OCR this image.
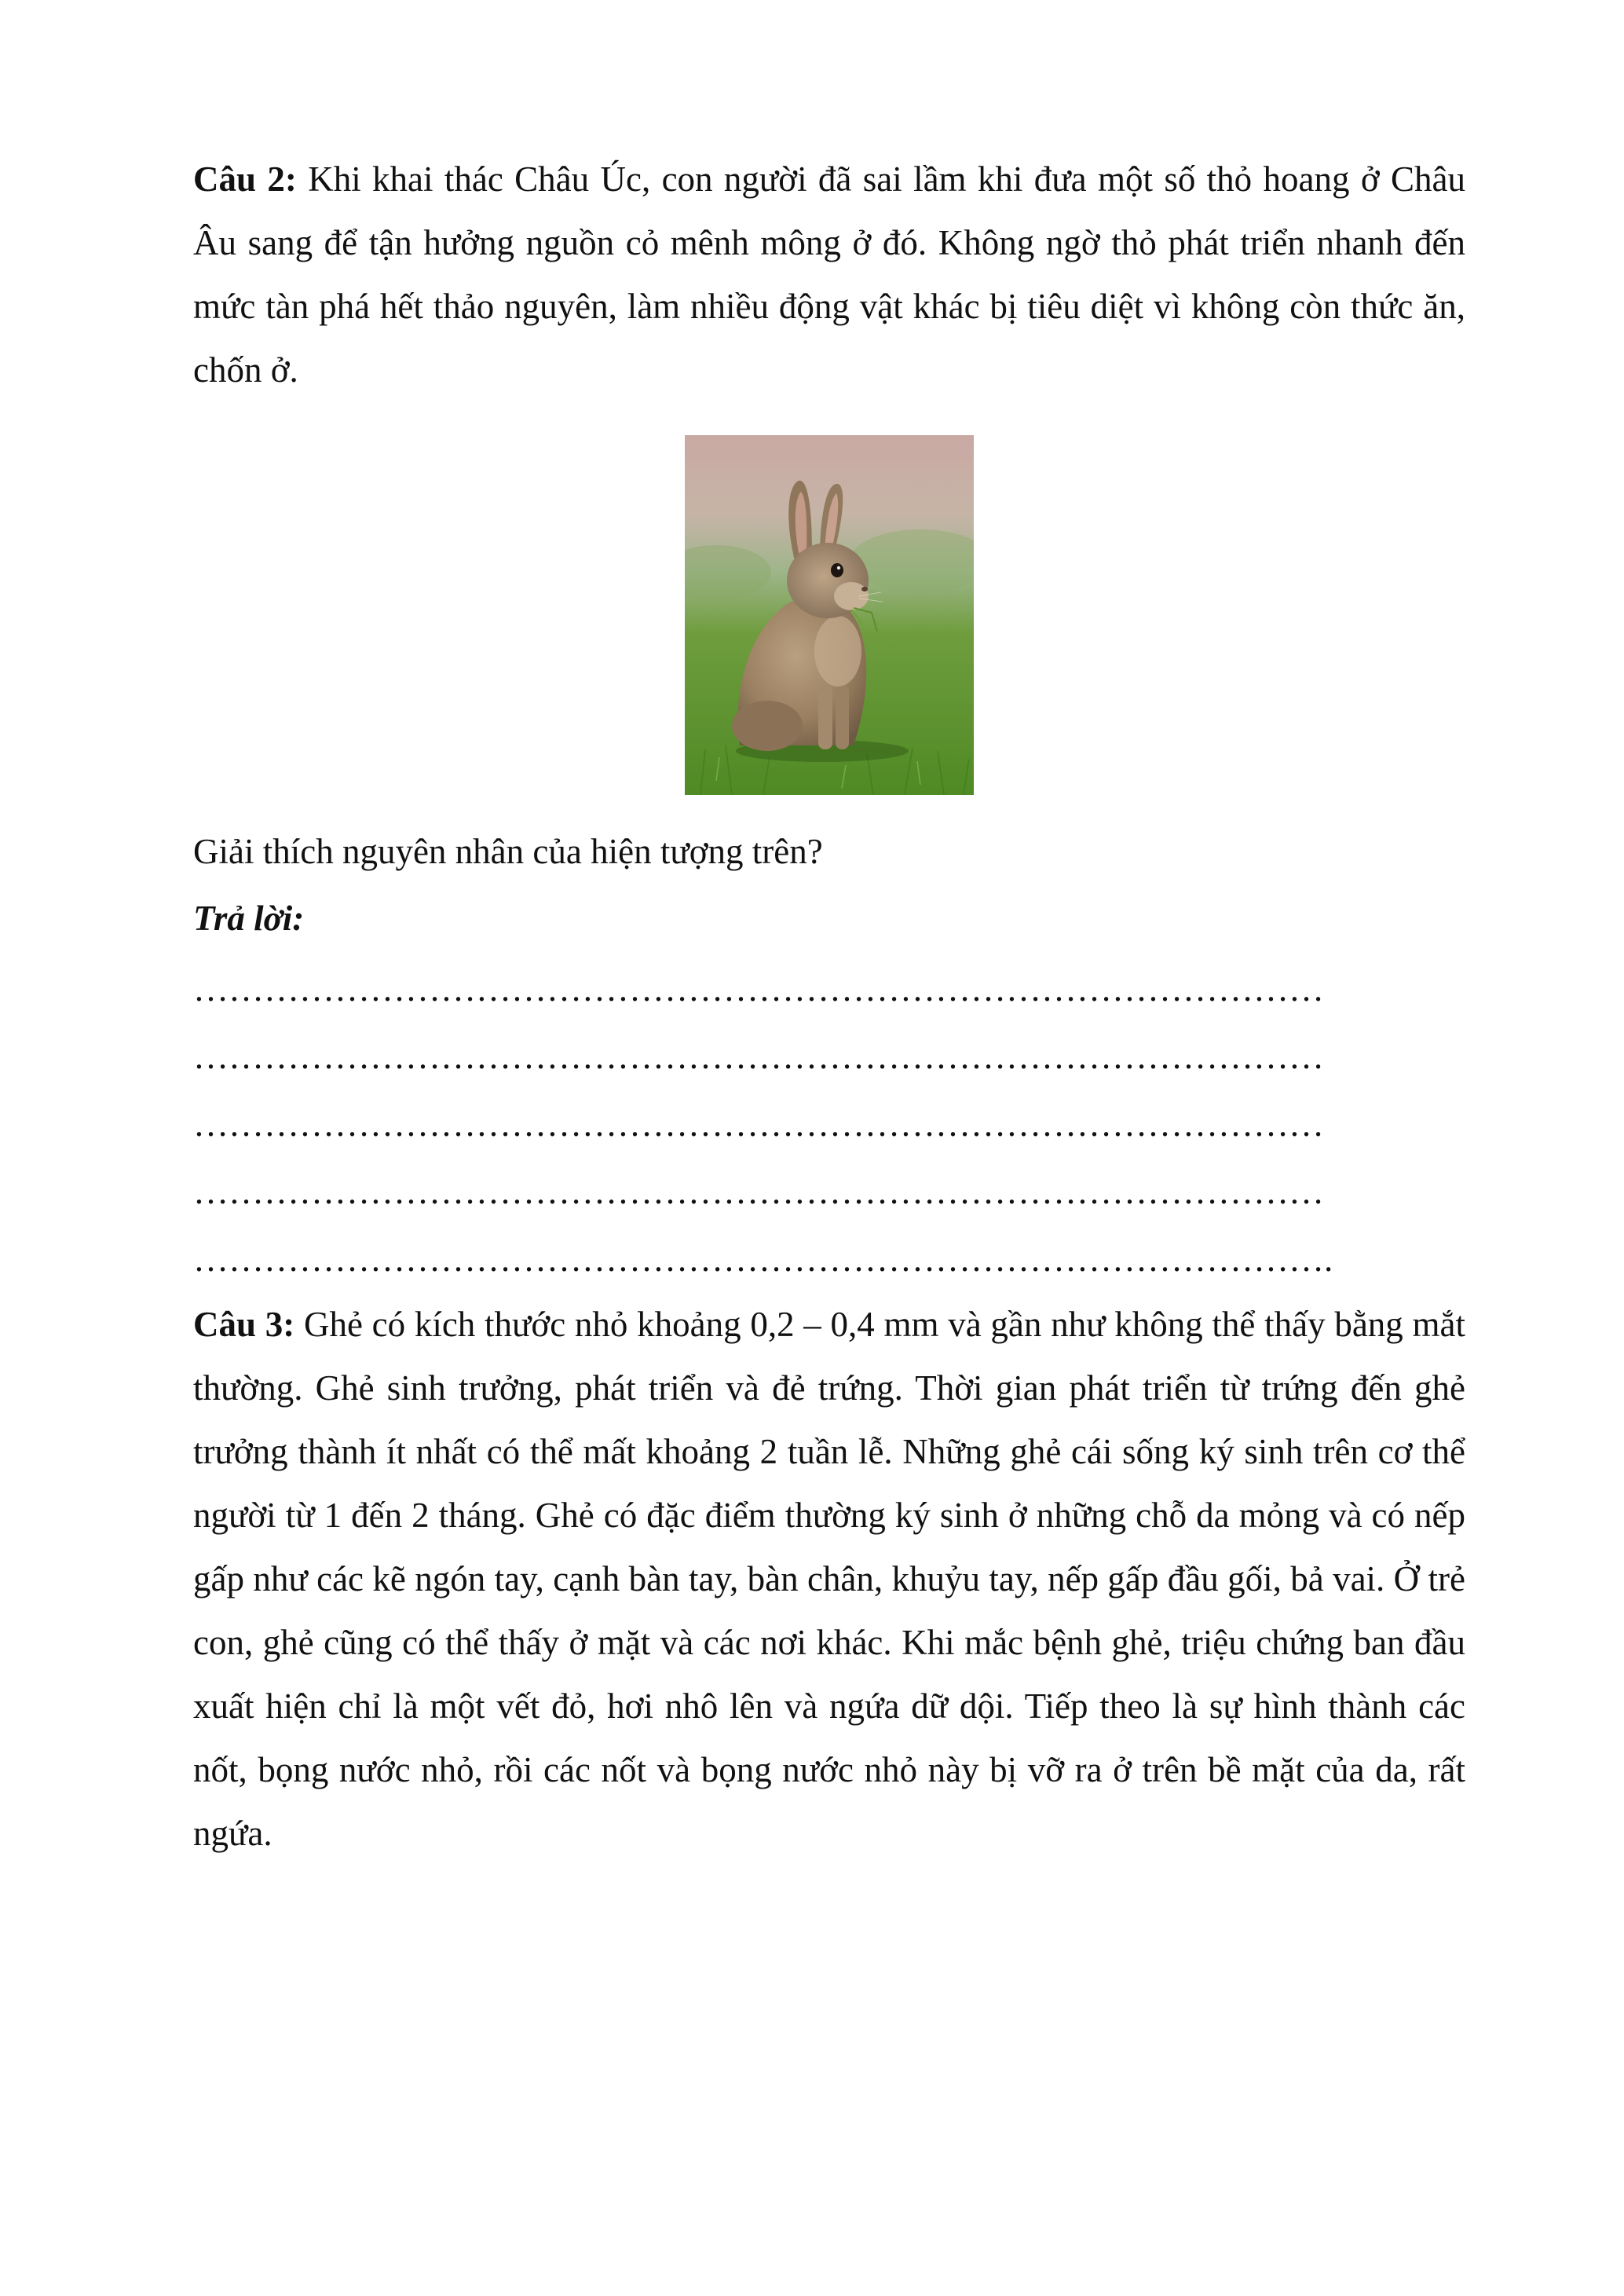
Câu 2: Khi khai thác Châu Úc, con người đã sai lầm khi đưa một số thỏ hoang ở Châu Âu sang để tận hưởng nguồn cỏ mênh mông ở đó. Không ngờ thỏ phát triển nhanh đến mức tàn phá hết thảo nguyên, làm nhiều động vật khác bị tiêu diệt vì không còn thức ăn, chốn ở.

Giải thích nguyên nhân của hiện tượng trên?

Trả lời:

……………………………………………………………………………………
……………………………………………………………………………………
……………………………………………………………………………………
……………………………………………………………………………………
…………………………………………………………………………………….

Câu 3: Ghẻ có kích thước nhỏ khoảng 0,2 – 0,4 mm và gần như không thể thấy bằng mắt thường. Ghẻ sinh trưởng, phát triển và đẻ trứng. Thời gian phát triển từ trứng đến ghẻ trưởng thành ít nhất có thể mất khoảng 2 tuần lễ. Những ghẻ cái sống ký sinh trên cơ thể người từ 1 đến 2 tháng. Ghẻ có đặc điểm thường ký sinh ở những chỗ da mỏng và có nếp gấp như các kẽ ngón tay, cạnh bàn tay, bàn chân, khuỷu tay, nếp gấp đầu gối, bả vai. Ở trẻ con, ghẻ cũng có thể thấy ở mặt và các nơi khác. Khi mắc bệnh ghẻ, triệu chứng ban đầu xuất hiện chỉ là một vết đỏ, hơi nhô lên và ngứa dữ dội. Tiếp theo là sự hình thành các nốt, bọng nước nhỏ, rồi các nốt và bọng nước nhỏ này bị vỡ ra ở trên bề mặt của da, rất ngứa.
